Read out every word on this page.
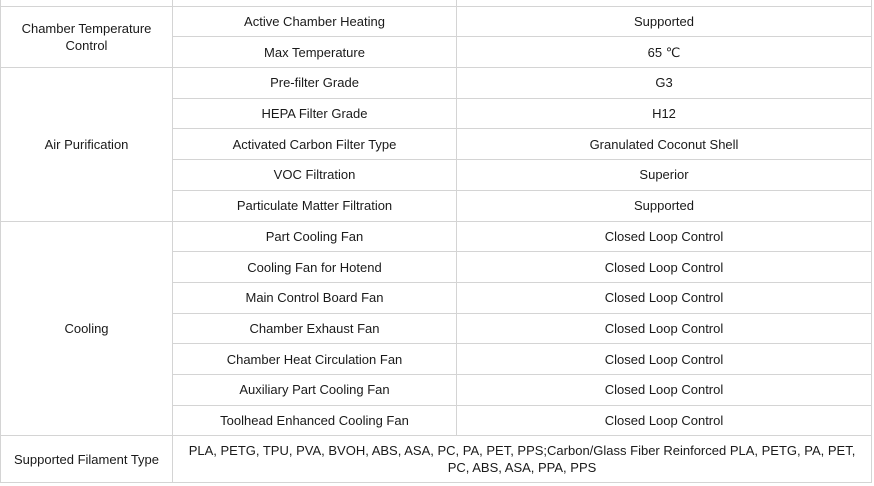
Chamber Temperature Control	Active Chamber Heating	Supported
	Max Temperature	65 ℃
Air Purification	Pre-filter Grade	G3
	HEPA Filter Grade	H12
	Activated Carbon Filter Type	Granulated Coconut Shell
	VOC Filtration	Superior
	Particulate Matter Filtration	Supported
Cooling	Part Cooling Fan	Closed Loop Control
	Cooling Fan for Hotend	Closed Loop Control
	Main Control Board Fan	Closed Loop Control
	Chamber Exhaust Fan	Closed Loop Control
	Chamber Heat Circulation Fan	Closed Loop Control
	Auxiliary Part Cooling Fan	Closed Loop Control
	Toolhead Enhanced Cooling Fan	Closed Loop Control
Supported Filament Type	PLA, PETG, TPU, PVA, BVOH, ABS, ASA, PC, PA, PET, PPS;Carbon/Glass Fiber Reinforced PLA, PETG, PA, PET, PC, ABS, ASA, PPA, PPS	
